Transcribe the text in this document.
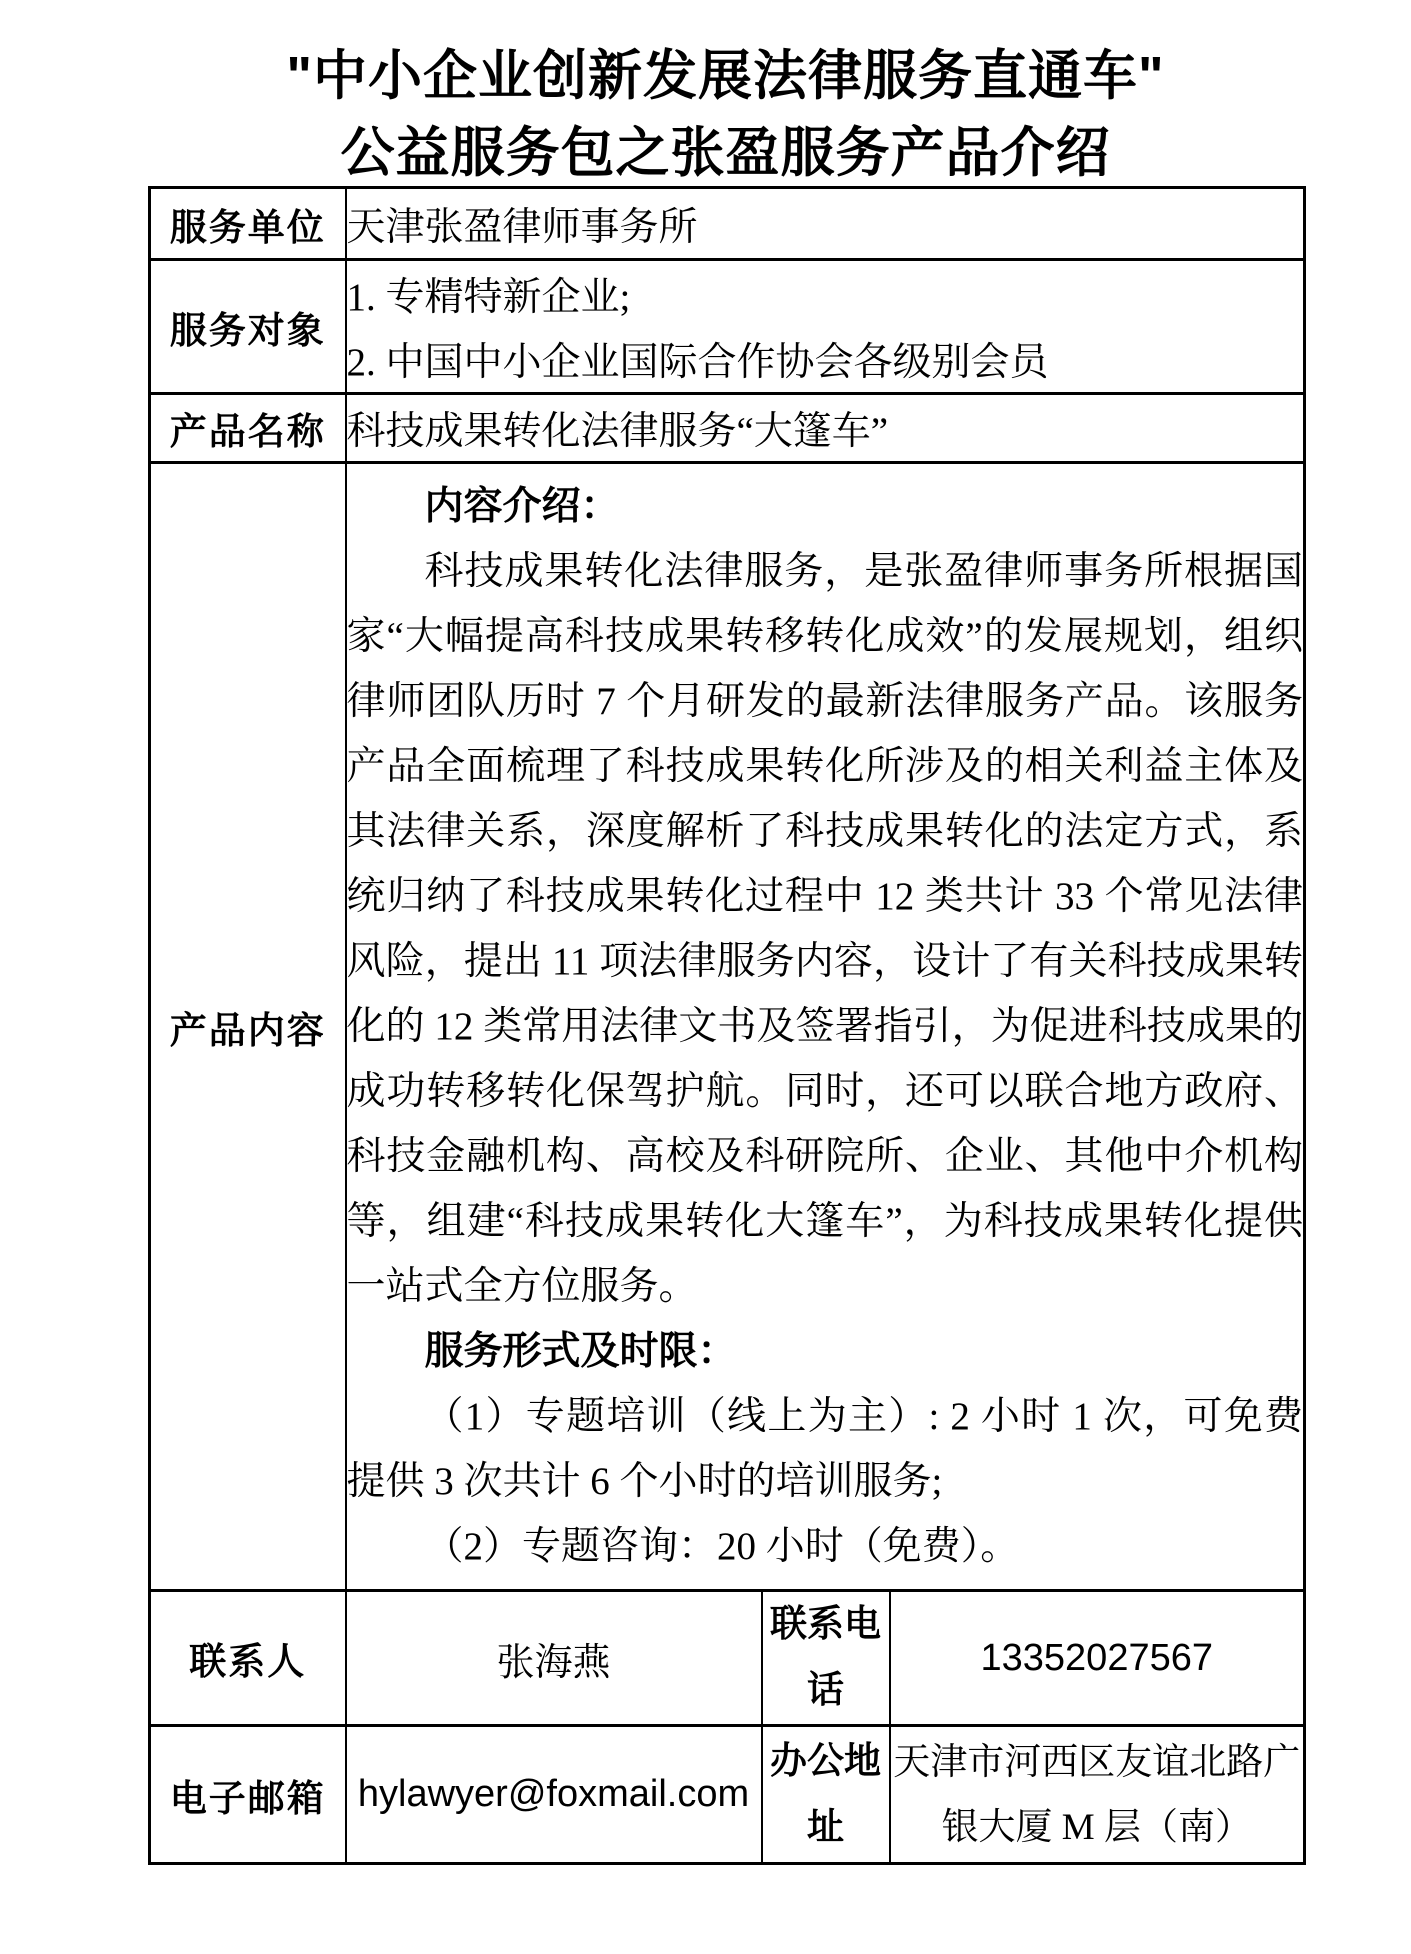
"中小企业创新发展法律服务直通车"
公益服务包之张盈服务产品介绍
服务单位	天津张盈律师事务所		
服务对象	1. 专精特新企业;
2. 中国中小企业国际合作协会各级别会员		

产品名称	科技成果转化法律服务“大篷车”		
产品内容	内容介绍：

科技成果转化法律服务，是张盈律师事务所根据国家“大幅提高科技成果转移转化成效”的发展规划，组织律师团队历时 7 个月研发的最新法律服务产品。该服务产品全面梳理了科技成果转化所涉及的相关利益主体及其法律关系，深度解析了科技成果转化的法定方式，系统归纳了科技成果转化过程中 12 类共计 33 个常见法律风险，提出 11 项法律服务内容，设计了有关科技成果转化的 12 类常用法律文书及签署指引，为促进科技成果的成功转移转化保驾护航。同时，还可以联合地方政府、科技金融机构、高校及科研院所、企业、其他中介机构等，组建“科技成果转化大篷车”，为科技成果转化提供一站式全方位服务。

服务形式及时限：

（1）专题培训（线上为主）: 2 小时 1 次，可免费提供 3 次共计 6 个小时的培训服务;

（2）专题咨询：20 小时（免费）。		

联系人	张海燕	联系电话	13352027567
电子邮箱	hylawyer@foxmail.com	办公地址	天津市河西区友谊北路广银大厦 M 层（南）
